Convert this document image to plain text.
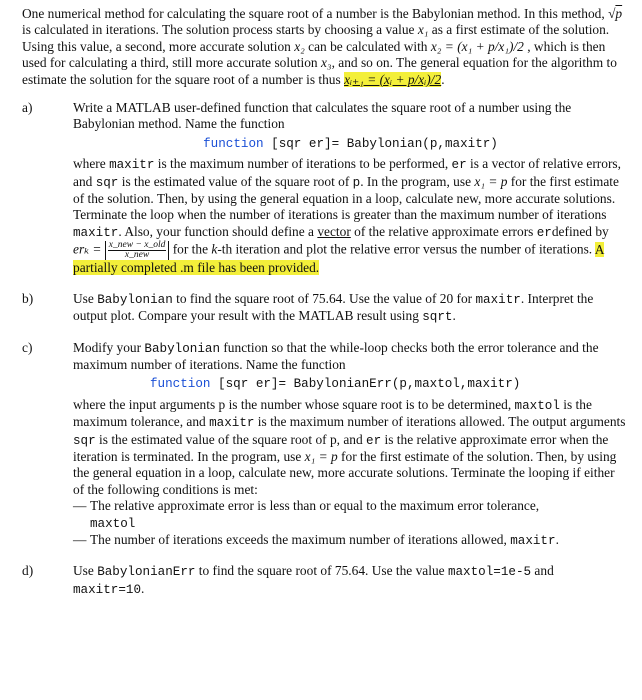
One numerical method for calculating the square root of a number is the Babylonian method. In this method, √p is calculated in iterations. The solution process starts by choosing a value x₁ as a first estimate of the solution. Using this value, a second, more accurate solution x₂ can be calculated with x₂ = (x₁ + p/x₁)/2 , which is then used for calculating a third, still more accurate solution x₃, and so on. The general equation for the algorithm to estimate the solution for the square root of a number is thus xᵢ₊₁ = (xᵢ + p/xᵢ)/2.

a)	Write a MATLAB user-defined function that calculates the square root of a number using the Babylonian method. Name the function

function [sqr er]= Babylonian(p,maxitr)

where maxitr is the maximum number of iterations to be performed, er is a vector of relative errors, and sqr is the estimated value of the square root of p. In the program, use x₁ = p for the first estimate of the solution. Then, by using the general equation in a loop, calculate new, more accurate solutions. Terminate the loop when the number of iterations is greater than the maximum number of iterations maxitr. Also, your function should define a vector of the relative approximate errors erdefined by $er_k = \frac{\text{x\_new − x\_old}}{\text{x\_new}}$ for the k-th iteration and plot the relative error versus the number of iterations. A partially completed .m file has been provided.

b)	Use Babylonian to find the square root of 75.64. Use the value of 20 for maxitr. Interpret the output plot. Compare your result with the MATLAB result using sqrt.

c)	Modify your Babylonian function so that the while-loop checks both the error tolerance and the maximum number of iterations. Name the function

function [sqr er]= BabylonianErr(p,maxtol,maxitr)

where the input arguments p is the number whose square root is to be determined, maxtol is the maximum tolerance, and maxitr is the maximum number of iterations allowed. The output arguments sqr is the estimated value of the square root of p, and er is the relative approximate error when the iteration is terminated. In the program, use x₁ = p for the first estimate of the solution. Then, by using the general equation in a loop, calculate new, more accurate solutions. Terminate the looping if either of the following conditions is met:

— The relative approximate error is less than or equal to the maximum error tolerance,
maxtol
— The number of iterations exceeds the maximum number of iterations allowed, maxitr.
d)	Use BabylonianErr to find the square root of 75.64. Use the value maxtol=1e-5 and maxitr=10.
